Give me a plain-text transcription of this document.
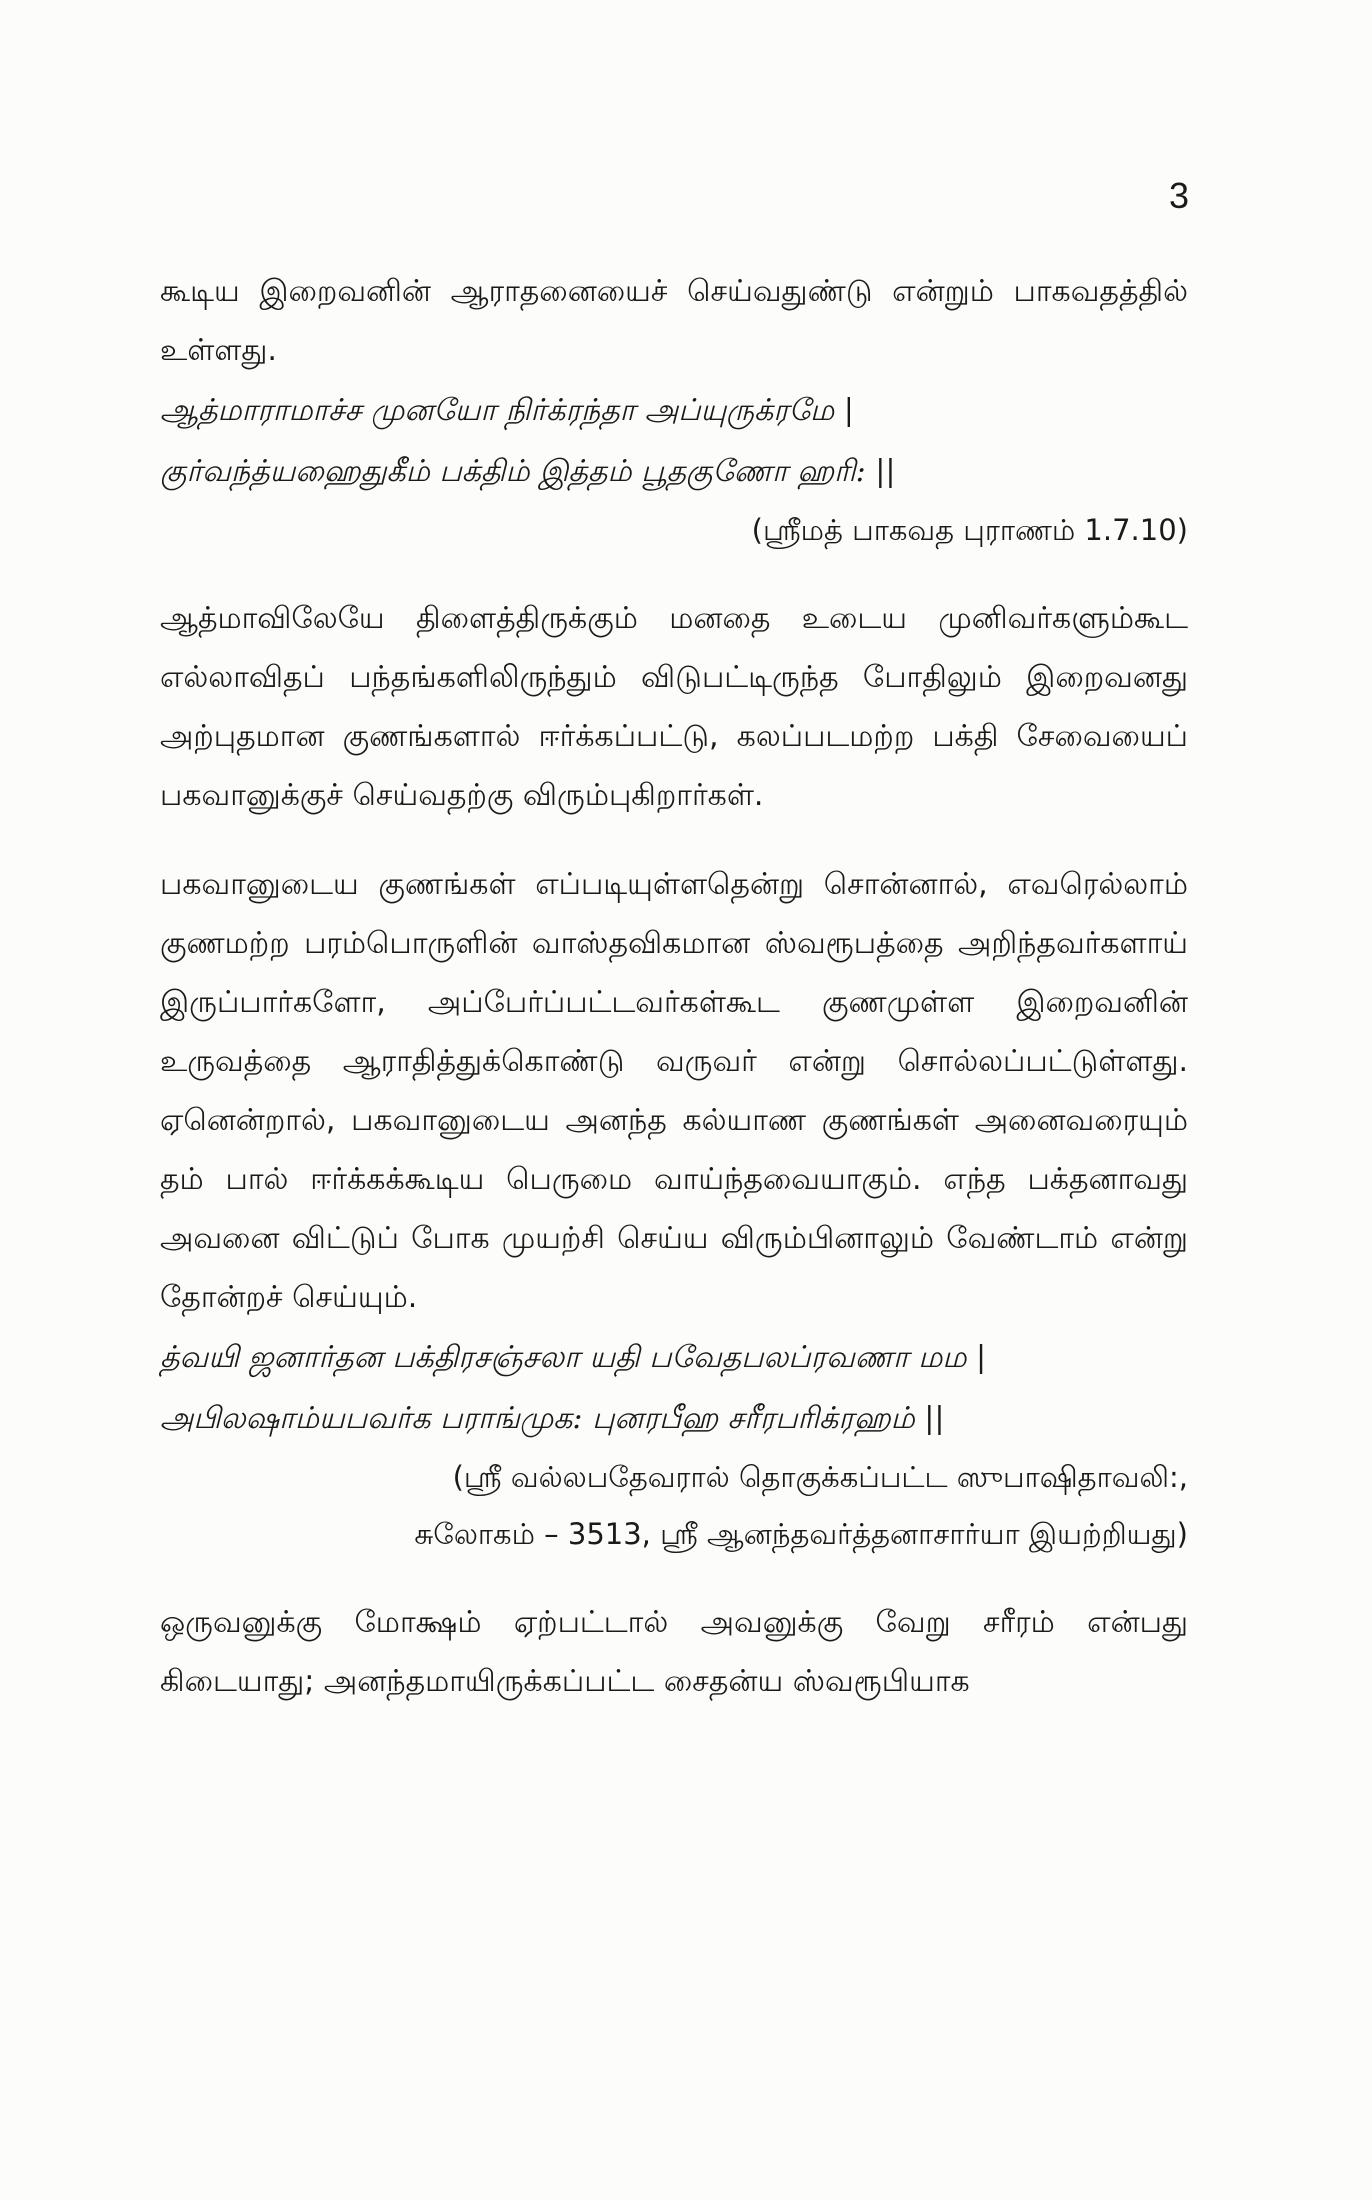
3

கூடிய இறைவனின் ஆராதனையைச் செய்வதுண்டு என்றும் பாகவதத்தில் உள்ளது.

ஆத்மாராமாச்ச முனயோ நிர்க்ரந்தா அப்யுருக்ரமே |
குர்வந்த்யஹைதுகீம் பக்திம் இத்தம் பூதகுணோ ஹரி: ||

(ஸ்ரீமத் பாகவத புராணம் 1.7.10)

ஆத்மாவிலேயே திளைத்திருக்கும் மனதை உடைய முனிவர்களும்கூட எல்லாவிதப் பந்தங்களிலிருந்தும் விடுபட்டிருந்த போதிலும் இறைவனது அற்புதமான குணங்களால் ஈர்க்கப்பட்டு, கலப்படமற்ற பக்தி சேவையைப் பகவானுக்குச் செய்வதற்கு விரும்புகிறார்கள்.

பகவானுடைய குணங்கள் எப்படியுள்ளதென்று சொன்னால், எவரெல்லாம் குணமற்ற பரம்பொருளின் வாஸ்தவிகமான ஸ்வரூபத்தை அறிந்தவர்களாய் இருப்பார்களோ, அப்பேர்ப்பட்டவர்கள்கூட குணமுள்ள இறைவனின் உருவத்தை ஆராதித்துக்கொண்டு வருவர் என்று சொல்லப்பட்டுள்ளது. ஏனென்றால், பகவானுடைய அனந்த கல்யாண குணங்கள் அனைவரையும் தம் பால் ஈர்க்கக்கூடிய பெருமை வாய்ந்தவையாகும். எந்த பக்தனாவது அவனை விட்டுப் போக முயற்சி செய்ய விரும்பினாலும் வேண்டாம் என்று தோன்றச் செய்யும்.

த்வயி ஜனார்தன பக்திரசஞ்சலா யதி பவேதபலப்ரவணா மம |
அபிலஷாம்யபவர்க பராங்முக: புனரபீஹ சரீரபரிக்ரஹம் ||
(ஸ்ரீ வல்லபதேவரால் தொகுக்கப்பட்ட ஸுபாஷிதாவலி:,
சுலோகம் – 3513, ஸ்ரீ ஆனந்தவர்த்தனாசார்யா இயற்றியது)

ஒருவனுக்கு மோக்ஷம் ஏற்பட்டால் அவனுக்கு வேறு சரீரம் என்பது கிடையாது; அனந்தமாயிருக்கப்பட்ட சைதன்ய ஸ்வரூபியாக
